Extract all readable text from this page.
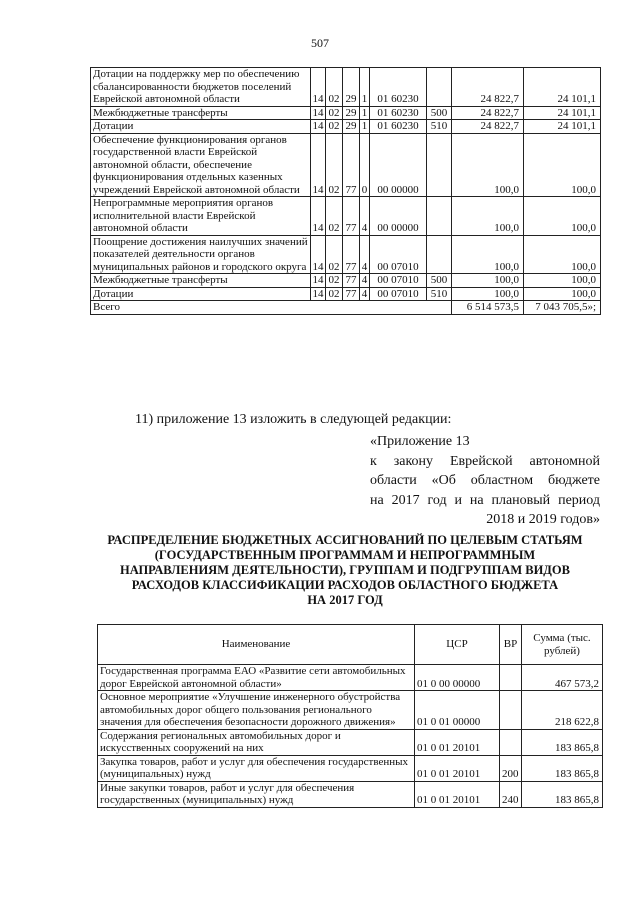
507
Дотации на поддержку мер по обеспечению сбалансированности бюджетов поселений Еврейской автономной области	14	02	29	1	01 60230		24 822,7	24 101,1
Межбюджетные трансферты	14	02	29	1	01 60230	500	24 822,7	24 101,1
Дотации	14	02	29	1	01 60230	510	24 822,7	24 101,1
Обеспечение функционирования органов государственной власти Еврейской автономной области, обеспечение функционирования отдельных казенных учреждений Еврейской автономной области	14	02	77	0	00 00000		100,0	100,0
Непрограммные мероприятия органов исполнительной власти Еврейской автономной области	14	02	77	4	00 00000		100,0	100,0
Поощрение достижения наилучших значений показателей деятельности органов муниципальных районов и городского округа	14	02	77	4	00 07010		100,0	100,0
Межбюджетные трансферты	14	02	77	4	00 07010	500	100,0	100,0
Дотации	14	02	77	4	00 07010	510	100,0	100,0
Всего							6 514 573,5	7 043 705,5»;
11) приложение 13 изложить в следующей редакции:
«Приложение 13
к закону Еврейской автономной
области «Об областном бюджете
на 2017 год и на плановый период
2018 и 2019 годов»
РАСПРЕДЕЛЕНИЕ БЮДЖЕТНЫХ АССИГНОВАНИЙ ПО ЦЕЛЕВЫМ СТАТЬЯМ
(ГОСУДАРСТВЕННЫМ ПРОГРАММАМ И НЕПРОГРАММНЫМ
НАПРАВЛЕНИЯМ ДЕЯТЕЛЬНОСТИ), ГРУППАМ И ПОДГРУППАМ ВИДОВ
РАСХОДОВ КЛАССИФИКАЦИИ РАСХОДОВ ОБЛАСТНОГО БЮДЖЕТА
НА 2017 ГОД
Наименование	ЦСР	ВР	Сумма (тыс. рублей)
Государственная программа ЕАО «Развитие сети автомобильных дорог Еврейской автономной области»	01 0 00 00000		467 573,2
Основное мероприятие «Улучшение инженерного обустройства автомобильных дорог общего пользования регионального значения для обеспечения безопасности дорожного движения»	01 0 01 00000		218 622,8
Содержания региональных автомобильных дорог и искусственных сооружений на них	01 0 01 20101		183 865,8
Закупка товаров, работ и услуг для обеспечения государственных (муниципальных) нужд	01 0 01 20101	200	183 865,8
Иные закупки товаров, работ и услуг для обеспечения государственных (муниципальных) нужд	01 0 01 20101	240	183 865,8
